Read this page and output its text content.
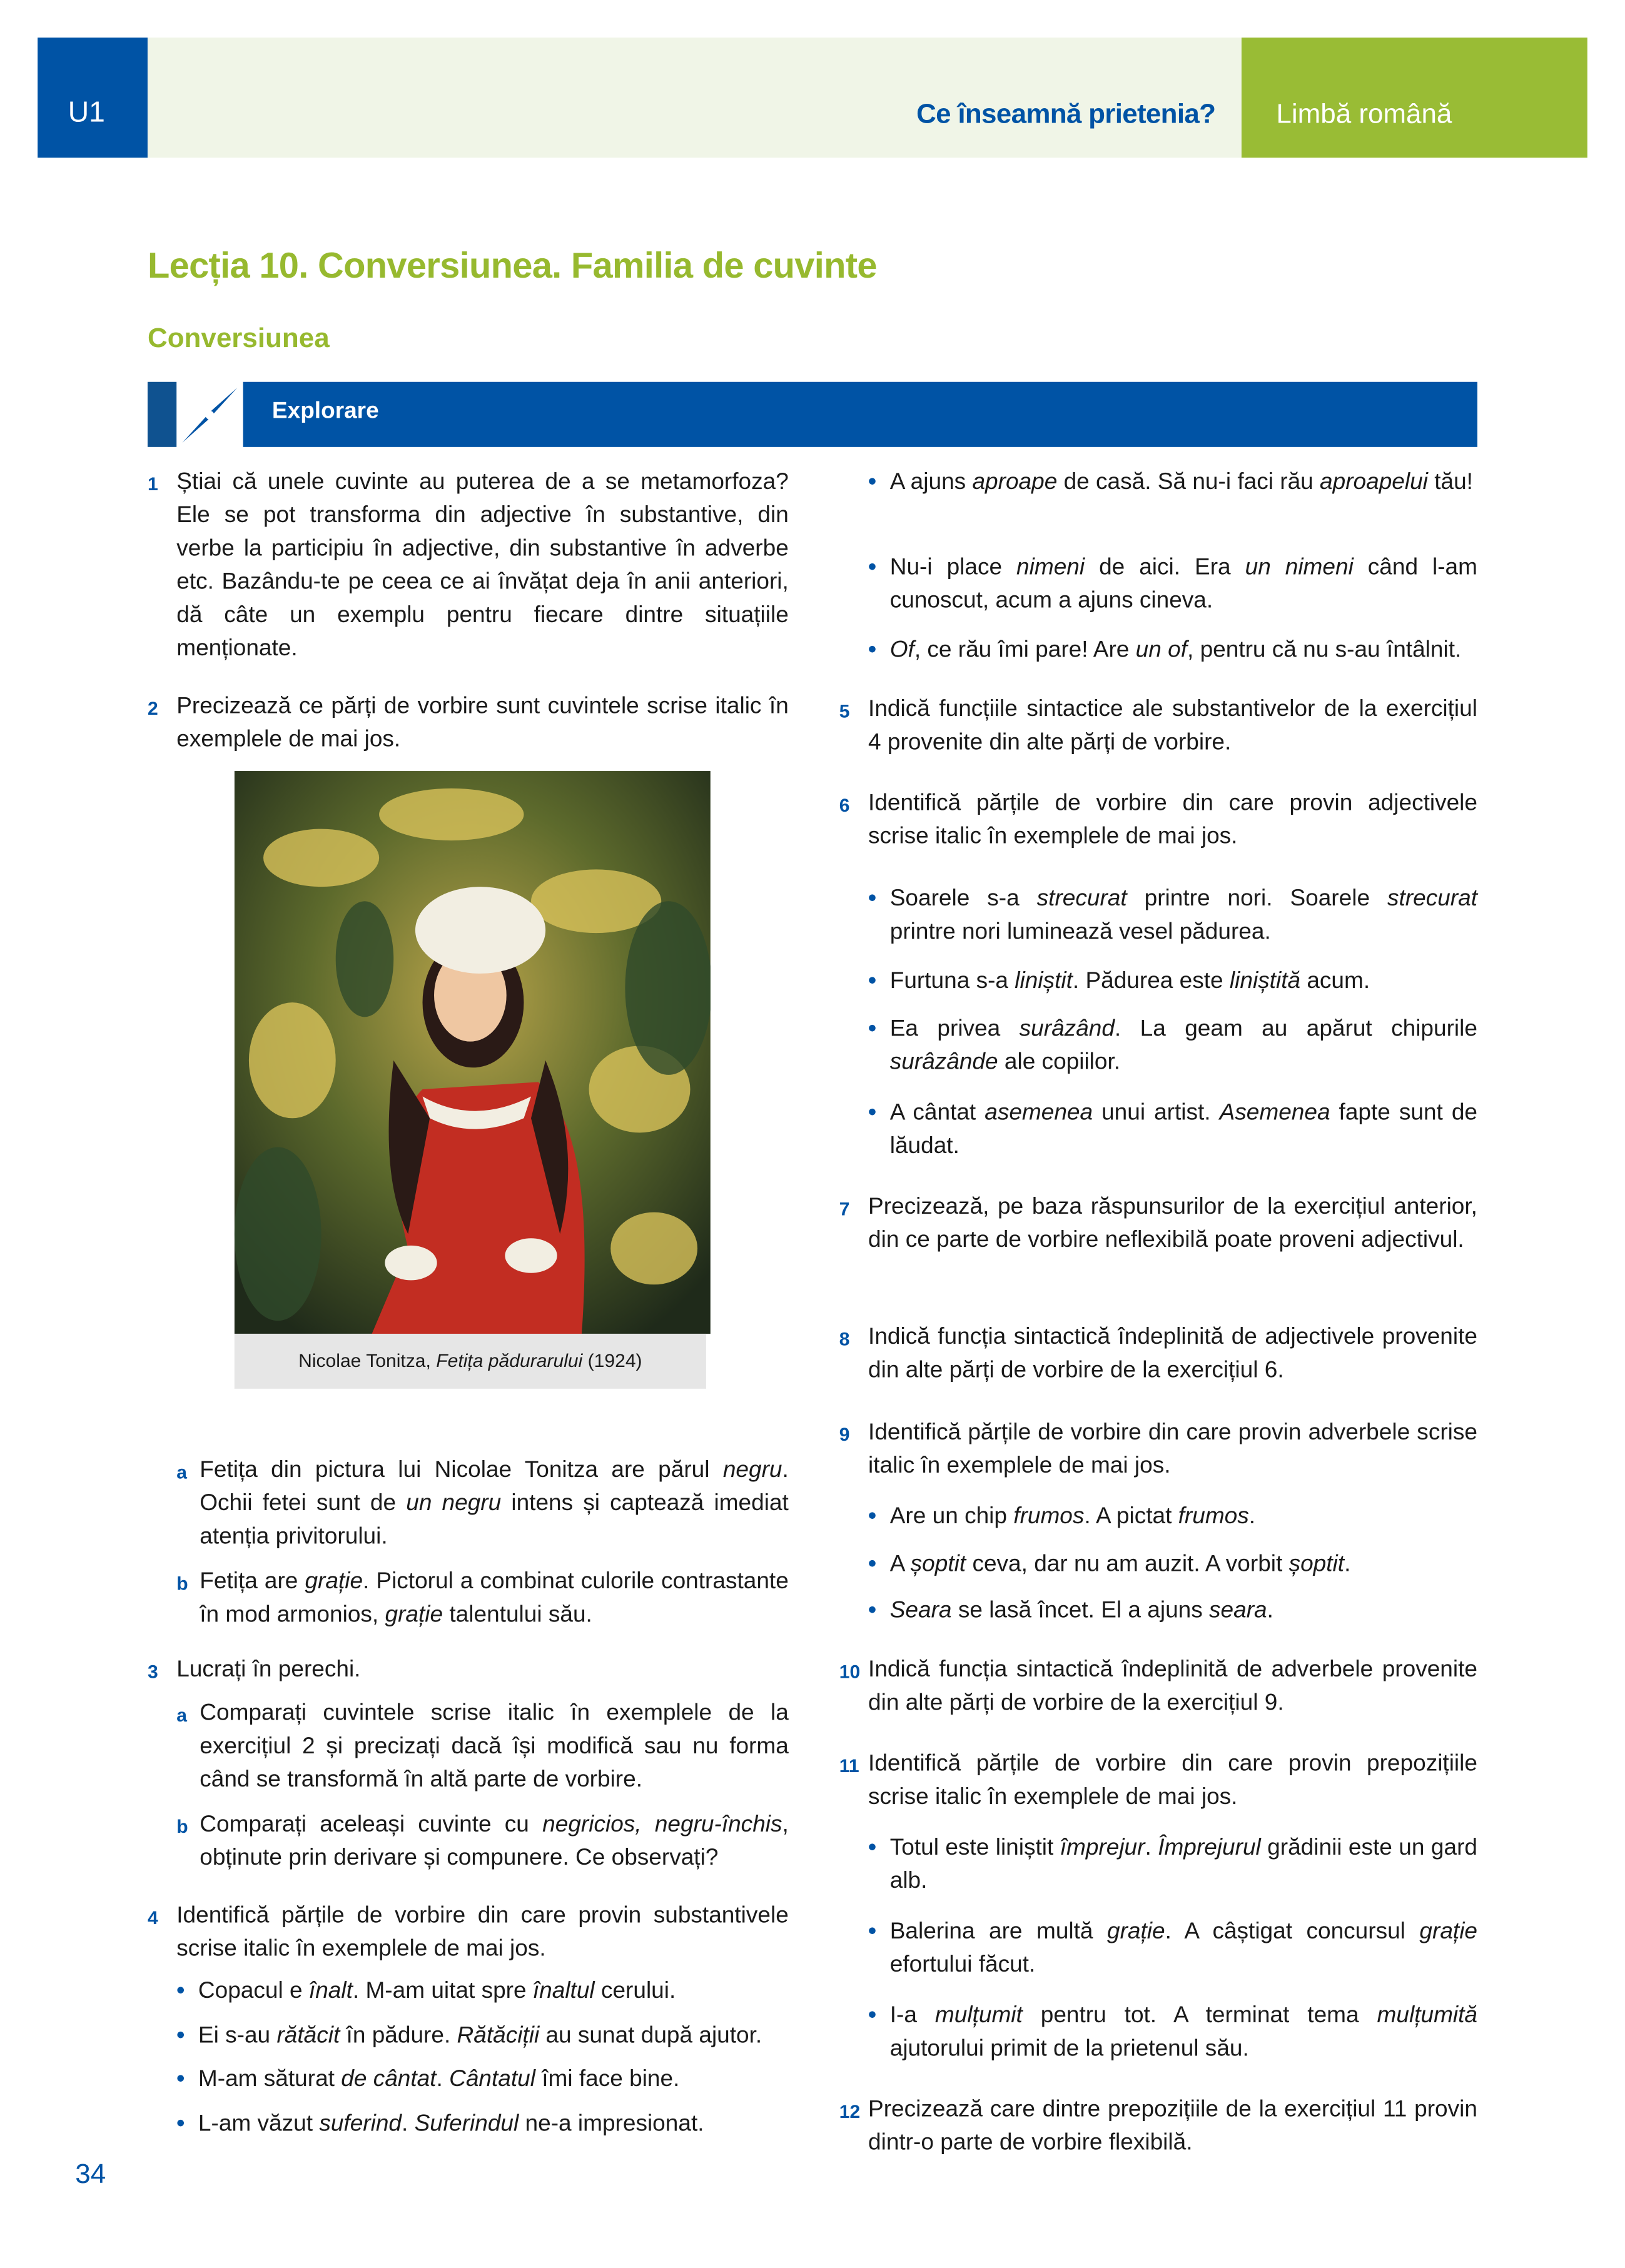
U1	Ce înseamnă prietenia?	Limbă română
Lecția 10. Conversiunea. Familia de cuvinte
Conversiunea
Explorare
Nicolae Tonitza, Fetița pădurarului (1924)
1 Știai că unele cuvinte au puterea de a se metamorfoza? Ele se pot transforma din adjective în substantive, din verbe la participiu în adjective, din substantive în adverbe etc. Bazându-te pe ceea ce ai învățat deja în anii anteriori, dă câte un exemplu pentru fiecare dintre situațiile menționate.
2 Precizează ce părți de vorbire sunt cuvintele scrise italic în exemplele de mai jos.
a Fetița din pictura lui Nicolae Tonitza are părul negru. Ochii fetei sunt de un negru intens și captează imediat atenția privitorului.
b Fetița are grație. Pictorul a combinat culorile contrastante în mod armonios, grație talentului său.
3 Lucrați în perechi.
a Comparați cuvintele scrise italic în exemplele de la exercițiul 2 și precizați dacă își modifică sau nu forma când se transformă în altă parte de vorbire.
b Comparați aceleași cuvinte cu negricios, negru-închis, obținute prin derivare și compunere. Ce observați?
4 Identifică părțile de vorbire din care provin substantivele scrise italic în exemplele de mai jos.
• Copacul e înalt. M-am uitat spre înaltul cerului.
• Ei s-au rătăcit în pădure. Rătăciții au sunat după ajutor.
• M-am săturat de cântat. Cântatul îmi face bine.
• L-am văzut suferind. Suferindul ne-a impresionat.
• A ajuns aproape de casă. Să nu-i faci rău aproapelui tău!
• Nu-i place nimeni de aici. Era un nimeni când l-am cunoscut, acum a ajuns cineva.
• Of, ce rău îmi pare! Are un of, pentru că nu s-au întâlnit.
5 Indică funcțiile sintactice ale substantivelor de la exercițiul 4 provenite din alte părți de vorbire.
6 Identifică părțile de vorbire din care provin adjectivele scrise italic în exemplele de mai jos.
• Soarele s-a strecurat printre nori. Soarele strecurat printre nori luminează vesel pădurea.
• Furtuna s-a liniștit. Pădurea este liniștită acum.
• Ea privea surâzând. La geam au apărut chipurile surâzânde ale copiilor.
• A cântat asemenea unui artist. Asemenea fapte sunt de lăudat.
7 Precizează, pe baza răspunsurilor de la exercițiul anterior, din ce parte de vorbire neflexibilă poate proveni adjectivul.
8 Indică funcția sintactică îndeplinită de adjectivele provenite din alte părți de vorbire de la exercițiul 6.
9 Identifică părțile de vorbire din care provin adverbele scrise italic în exemplele de mai jos.
• Are un chip frumos. A pictat frumos.
• A șoptit ceva, dar nu am auzit. A vorbit șoptit.
• Seara se lasă încet. El a ajuns seara.
10 Indică funcția sintactică îndeplinită de adverbele provenite din alte părți de vorbire de la exercițiul 9.
11 Identifică părțile de vorbire din care provin prepozițiile scrise italic în exemplele de mai jos.
• Totul este liniștit împrejur. Împrejurul grădinii este un gard alb.
• Balerina are multă grație. A câștigat concursul grație efortului făcut.
• I-a mulțumit pentru tot. A terminat tema mulțumită ajutorului primit de la prietenul său.
12 Precizează care dintre prepozițiile de la exercițiul 11 provin dintr-o parte de vorbire flexibilă.
34
